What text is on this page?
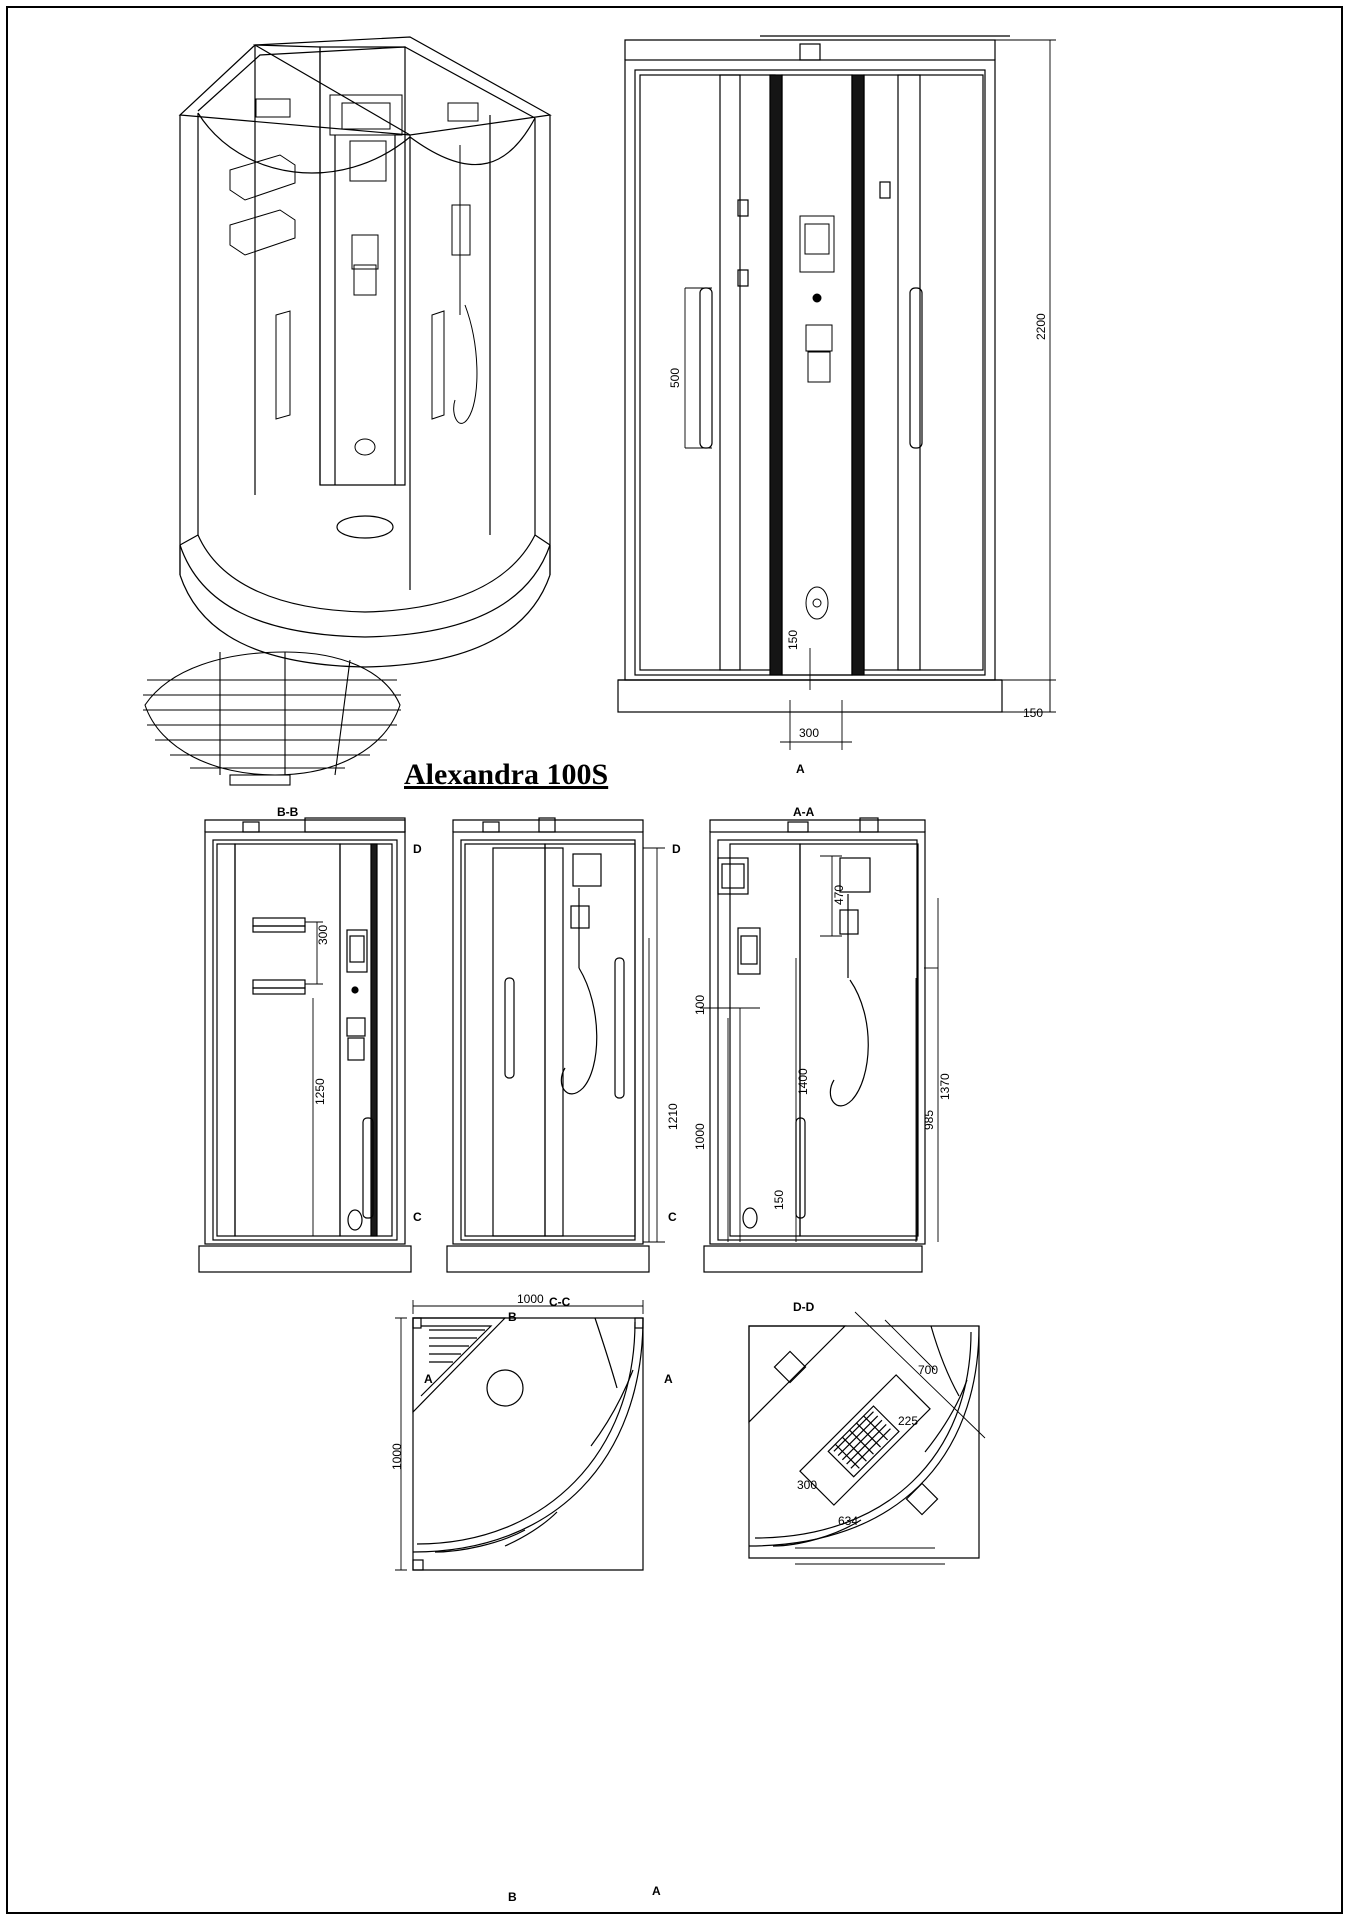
Alexandra 100S
2200
500
150
150
300
A
B-B
300
1250
1210
D	D
C	C
A-A
470
1400	1370
985
150
100
1000
C-C
1000
1000
B
B
A	A
A
D-D
700
225
300
634
